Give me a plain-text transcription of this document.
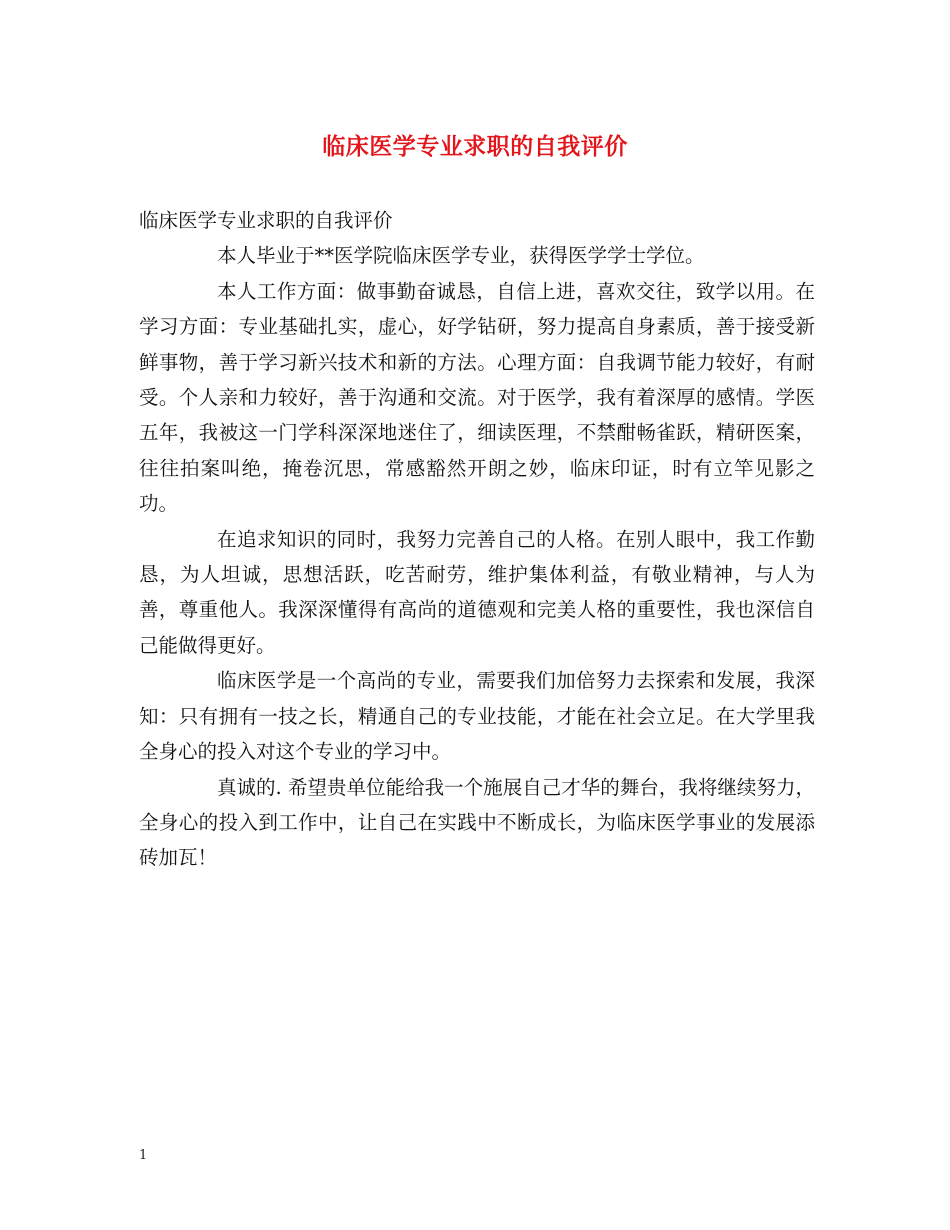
临床医学专业求职的自我评价

临床医学专业求职的自我评价

本人毕业于**医学院临床医学专业，获得医学学士学位。

本人工作方面：做事勤奋诚恳，自信上进，喜欢交往，致学以用。在学习方面：专业基础扎实，虚心，好学钻研，努力提高自身素质，善于接受新鲜事物，善于学习新兴技术和新的方法。心理方面：自我调节能力较好，有耐受。个人亲和力较好，善于沟通和交流。对于医学，我有着深厚的感情。学医五年，我被这一门学科深深地迷住了，细读医理，不禁酣畅雀跃，精研医案，往往拍案叫绝，掩卷沉思，常感豁然开朗之妙，临床印证，时有立竿见影之功。

在追求知识的同时，我努力完善自己的人格。在别人眼中，我工作勤恳，为人坦诚，思想活跃，吃苦耐劳，维护集体利益，有敬业精神，与人为善，尊重他人。我深深懂得有高尚的道德观和完美人格的重要性，我也深信自己能做得更好。

临床医学是一个高尚的专业，需要我们加倍努力去探索和发展，我深知：只有拥有一技之长，精通自己的专业技能，才能在社会立足。在大学里我全身心的投入对这个专业的学习中。

真诚的. 希望贵单位能给我一个施展自己才华的舞台，我将继续努力，全身心的投入到工作中，让自己在实践中不断成长，为临床医学事业的发展添砖加瓦！

1
